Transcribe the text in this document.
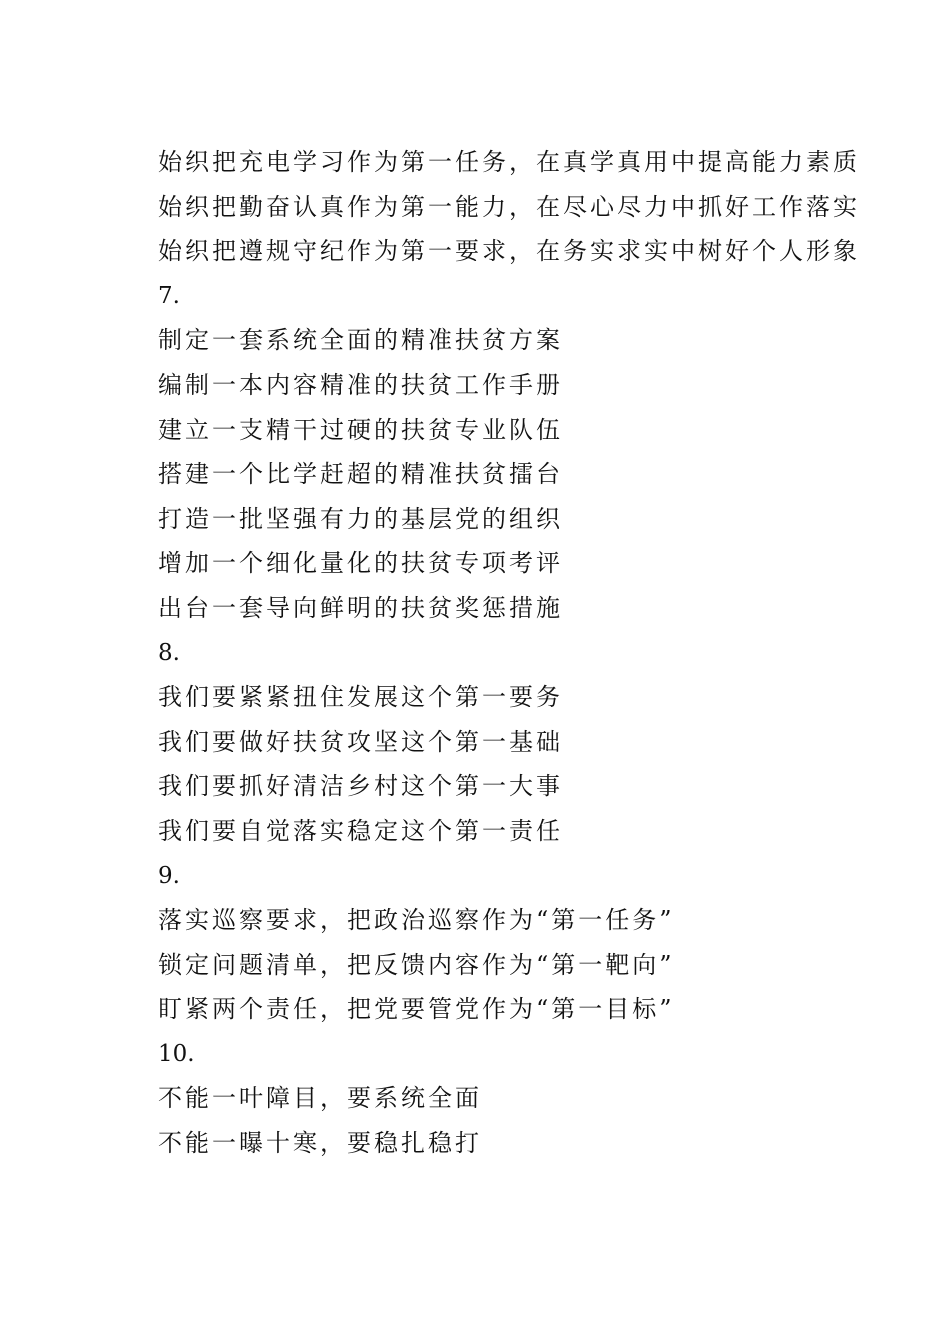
始织把充电学习作为第一任务，在真学真用中提高能力素质

始织把勤奋认真作为第一能力，在尽心尽力中抓好工作落实

始织把遵规守纪作为第一要求，在务实求实中树好个人形象

7.

制定一套系统全面的精准扶贫方案

编制一本内容精准的扶贫工作手册

建立一支精干过硬的扶贫专业队伍

搭建一个比学赶超的精准扶贫擂台

打造一批坚强有力的基层党的组织

增加一个细化量化的扶贫专项考评

出台一套导向鲜明的扶贫奖惩措施

8.

我们要紧紧扭住发展这个第一要务

我们要做好扶贫攻坚这个第一基础

我们要抓好清洁乡村这个第一大事

我们要自觉落实稳定这个第一责任

9.

落实巡察要求，把政治巡察作为“第一任务”

锁定问题清单，把反馈内容作为“第一靶向”

盯紧两个责任，把党要管党作为“第一目标”

10.

不能一叶障目，要系统全面

不能一曝十寒，要稳扎稳打
